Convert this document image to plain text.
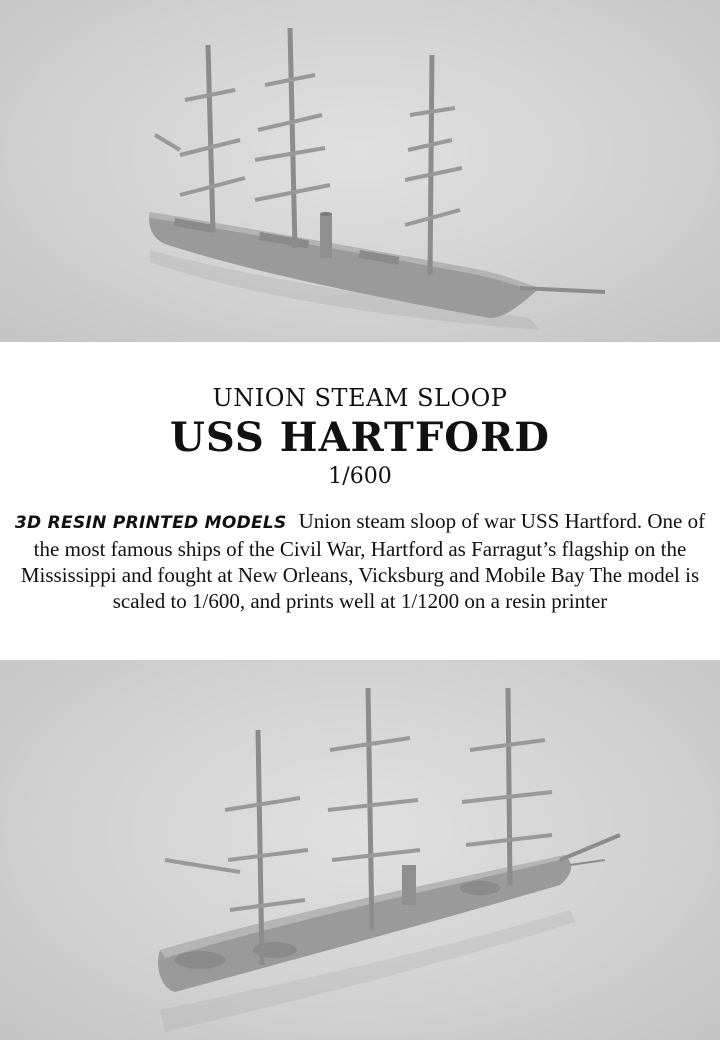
UNION STEAM SLOOP
USS HARTFORD
1/600
3D RESIN PRINTED MODELS Union steam sloop of war USS Hartford. One of the most famous ships of the Civil War, Hartford as Farragut’s flagship on the Mississippi and fought at New Orleans, Vicksburg and Mobile Bay The model is scaled to 1/600, and prints well at 1/1200 on a resin printer
